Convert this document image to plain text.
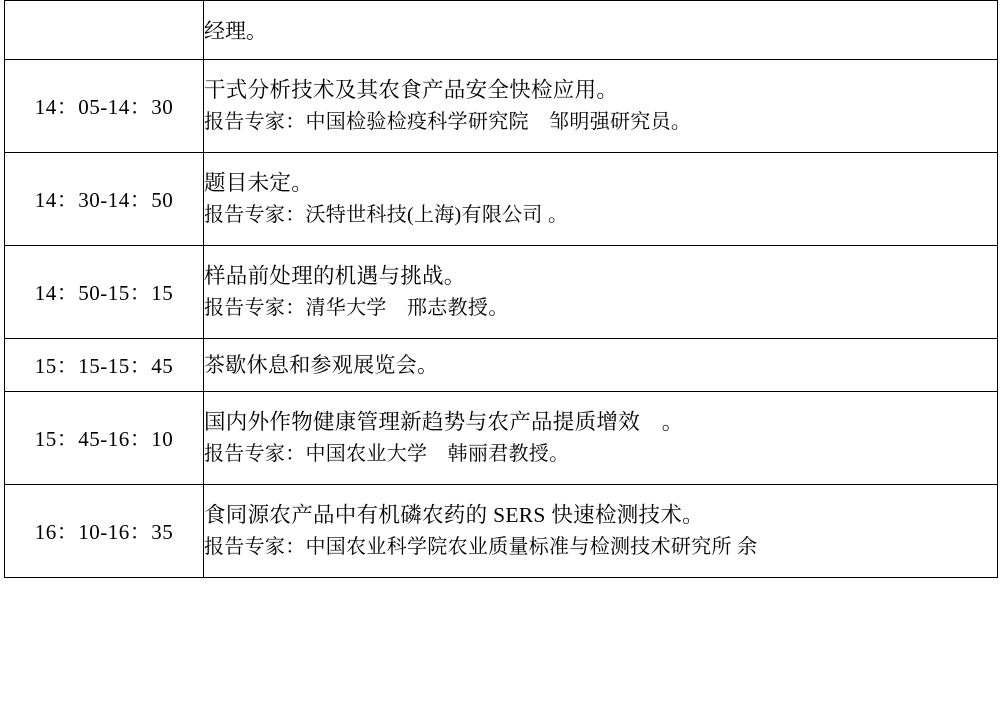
	经理。

14：05-14：30	干式分析技术及其农食产品安全快检应用。
报告专家：中国检验检疫科学研究院　邹明强研究员。

14：30-14：50	题目未定。
报告专家：沃特世科技(上海)有限公司 。

14：50-15：15	样品前处理的机遇与挑战。
报告专家：清华大学　邢志教授。

15：15-15：45	茶歇休息和参观展览会。

15：45-16：10	国内外作物健康管理新趋势与农产品提质增效　。
报告专家：中国农业大学　韩丽君教授。

16：10-16：35	食同源农产品中有机磷农药的 SERS 快速检测技术。
报告专家：中国农业科学院农业质量标准与检测技术研究所 余
